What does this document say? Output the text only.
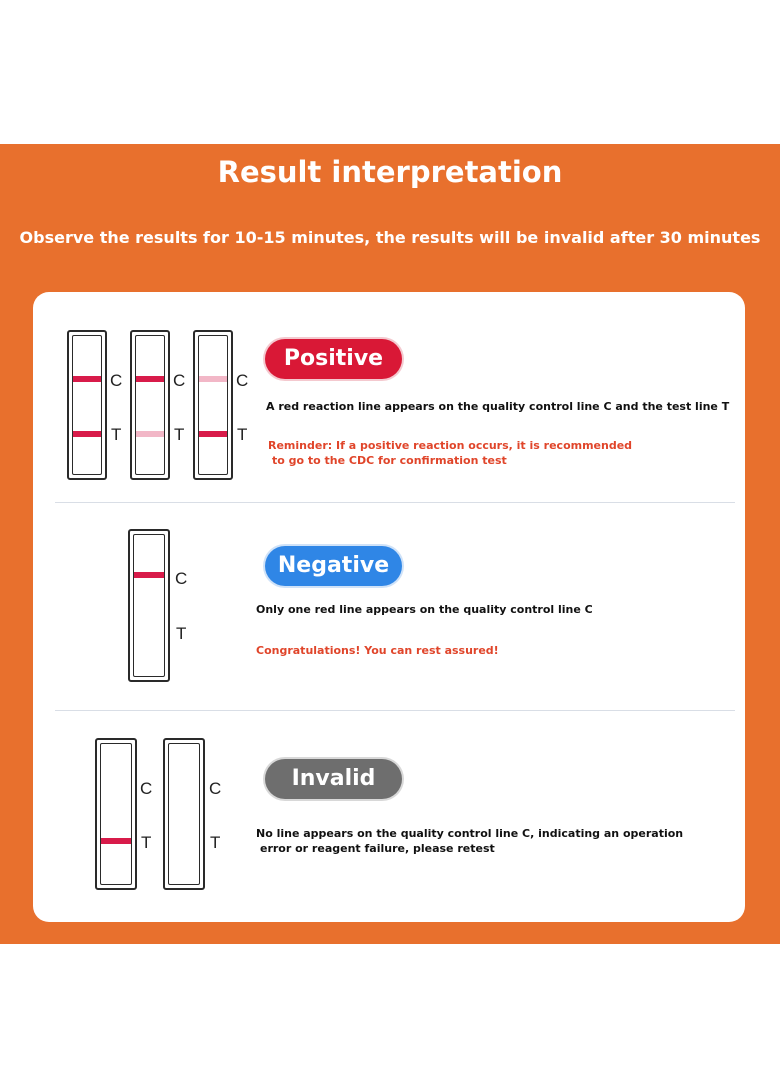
Result interpretation
Observe the results for 10-15 minutes, the results will be invalid after 30 minutes
C
T
C
T
C
T
Positive
A red reaction line appears on the quality control line C and the test line T
Reminder: If a positive reaction occurs, it is recommended
to go to the CDC for confirmation test
C
T
Negative
Only one red line appears on the quality control line C
Congratulations! You can rest assured!
C
T
C
T
Invalid
No line appears on the quality control line C, indicating an operation
error or reagent failure, please retest
